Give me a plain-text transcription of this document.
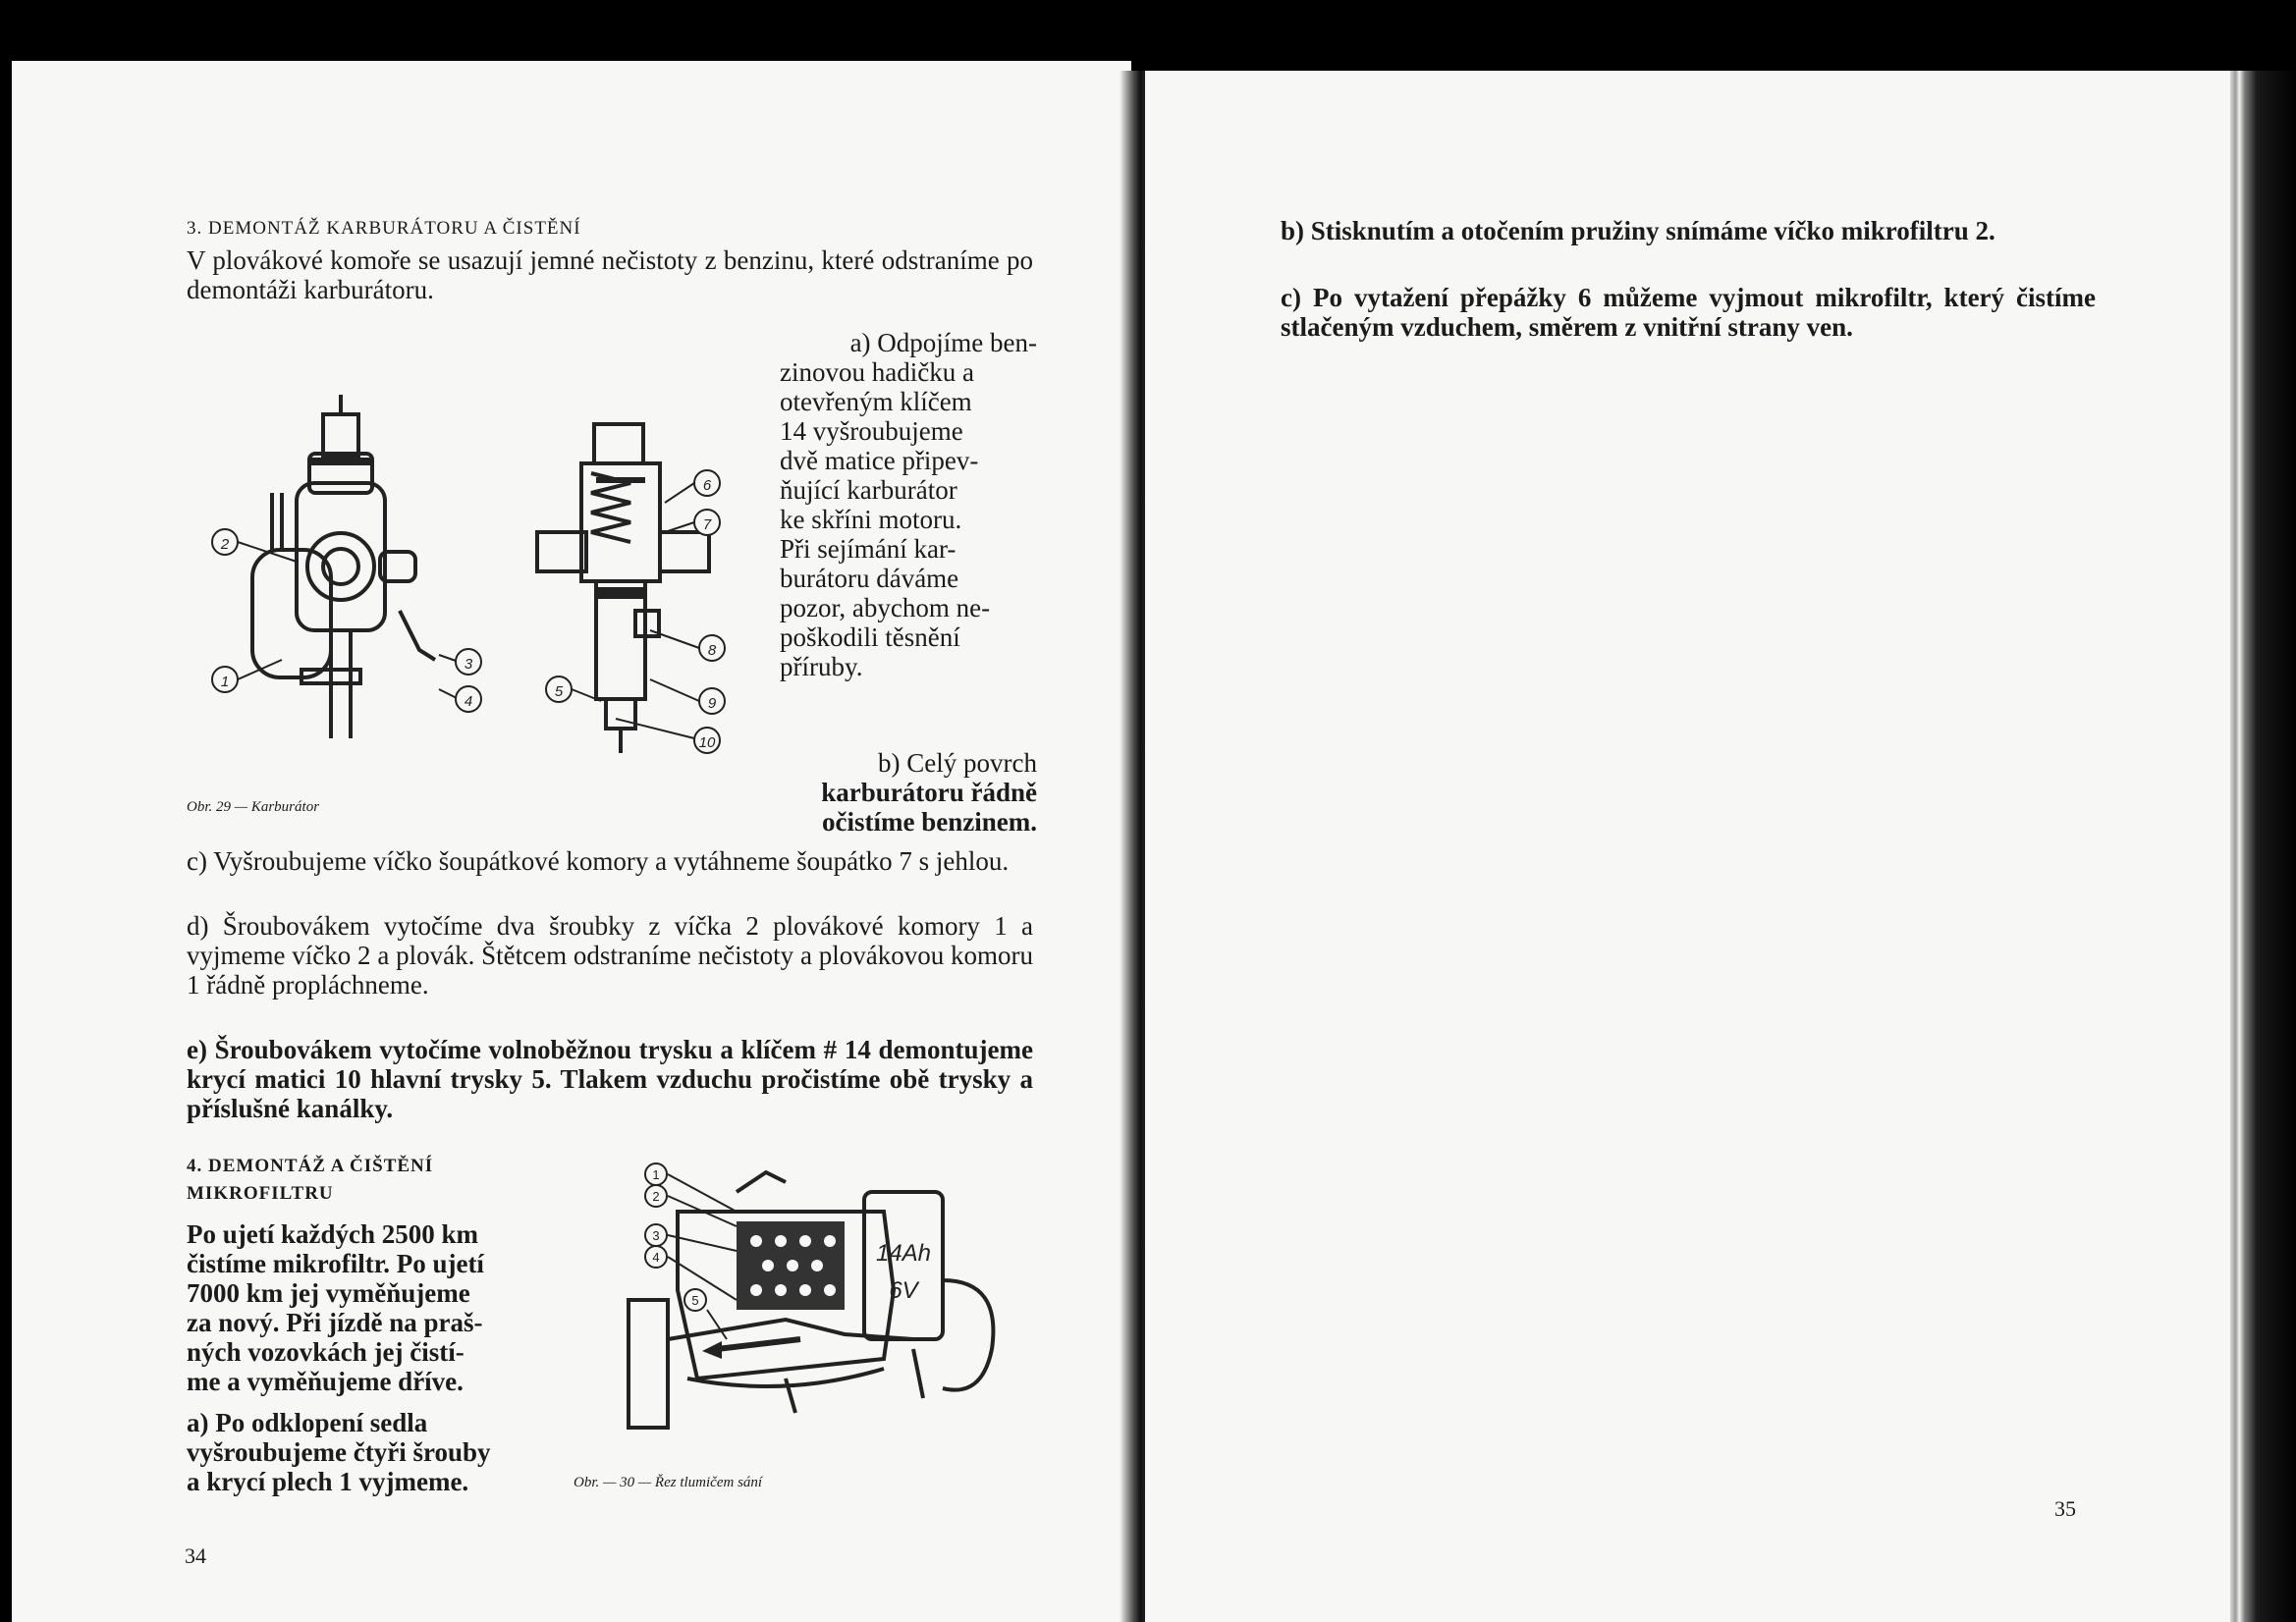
3. DEMONTÁŽ KARBURÁTORU A ČISTĚNÍ
V plovákové komoře se usazují jemné nečistoty z benzinu, které odstraníme po demontáži karburátoru.
1
2
3
4
5
6
7
8
9
10
a) Odpojíme ben-
zinovou hadičku a
otevřeným klíčem
14 vyšroubujeme
dvě matice připev-
ňující karburátor
ke skříni motoru.
Při sejímání kar-
burátoru dáváme
pozor, abychom ne-
poškodili těsnění
příruby.
b) Celý povrch
karburátoru řádně
očistíme benzinem.
Obr. 29 — Karburátor
c) Vyšroubujeme víčko šoupátkové komory a vytáhneme šoupátko 7 s jehlou.
d) Šroubovákem vytočíme dva šroubky z víčka 2 plovákové komory 1 a vyjmeme víčko 2 a plovák. Štětcem odstraníme nečistoty a plovákovou komoru 1 řádně propláchneme.
e) Šroubovákem vytočíme volnoběžnou trysku a klíčem # 14 demontujeme krycí matici 10 hlavní trysky 5. Tlakem vzduchu pročistíme obě trysky a příslušné kanálky.
4. DEMONTÁŽ A ČIŠTĚNÍ
MIKROFILTRU
Po ujetí každých 2500 km
čistíme mikrofiltr. Po ujetí
7000 km jej vyměňujeme
za nový. Při jízdě na praš-
ných vozovkách jej čistí-
me a vyměňujeme dříve.
a) Po odklopení sedla
vyšroubujeme čtyři šrouby
a krycí plech 1 vyjmeme.
14Ah
6V
1
2
3
4
5
Obr. — 30 — Řez tlumičem sání
34
b) Stisknutím a otočením pružiny snímáme víčko mikrofiltru 2.
c) Po vytažení přepážky 6 můžeme vyjmout mikrofiltr, který čistíme stlačeným vzduchem, směrem z vnitřní strany ven.
35
